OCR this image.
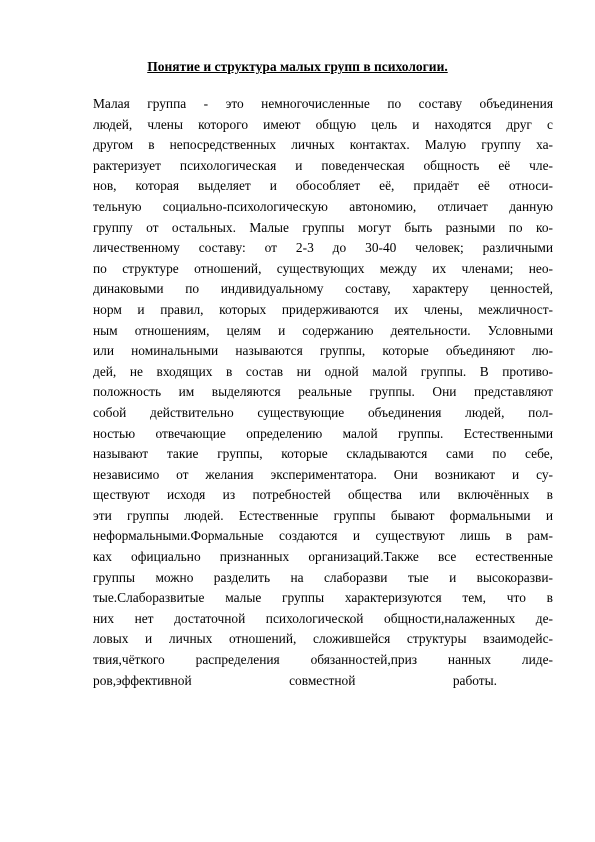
Понятие и структура малых групп в психологии.
Малая группа - это немногочисленные по составу объединения
людей, члены которого имеют общую цель и находятся друг с
другом в непосредственных личных контактах. Малую группу ха-
рактеризует психологическая и поведенческая общность её чле-
нов, которая выделяет и обособляет её, придаёт её относи-
тельную социально-психологическую автономию, отличает данную
группу от остальных. Малые группы могут быть разными по ко-
личественному составу: от 2-3 до 30-40 человек; различными
по структуре отношений, существующих между их членами; нео-
динаковыми по индивидуальному составу, характеру ценностей,
норм и правил, которых придерживаются их члены, межличност-
ным отношениям, целям и содержанию деятельности. Условными
или номинальными называются группы, которые объединяют лю-
дей, не входящих в состав ни одной малой группы. В противо-
положность им выделяются реальные группы. Они представляют
собой действительно существующие объединения людей, пол-
ностью отвечающие определению малой группы. Естественными
называют такие группы, которые складываются сами по себе,
независимо от желания экспериментатора. Они возникают и су-
ществуют исходя из потребностей общества или включённых в
эти группы людей. Естественные группы бывают формальными и
неформальными.Формальные создаются и существуют лишь в рам-
ках официально признанных организаций.Также все естественные
группы можно разделить на слаборазви тые и высокоразви-
тые.Слаборазвитые малые группы характеризуются тем, что в
них нет достаточной психологической общности,налаженных де-
ловых и личных отношений, сложившейся структуры взаимодейс-
твия,чёткого распределения обязанностей,приз нанных лиде-
ров,эффективной совместной работы.
